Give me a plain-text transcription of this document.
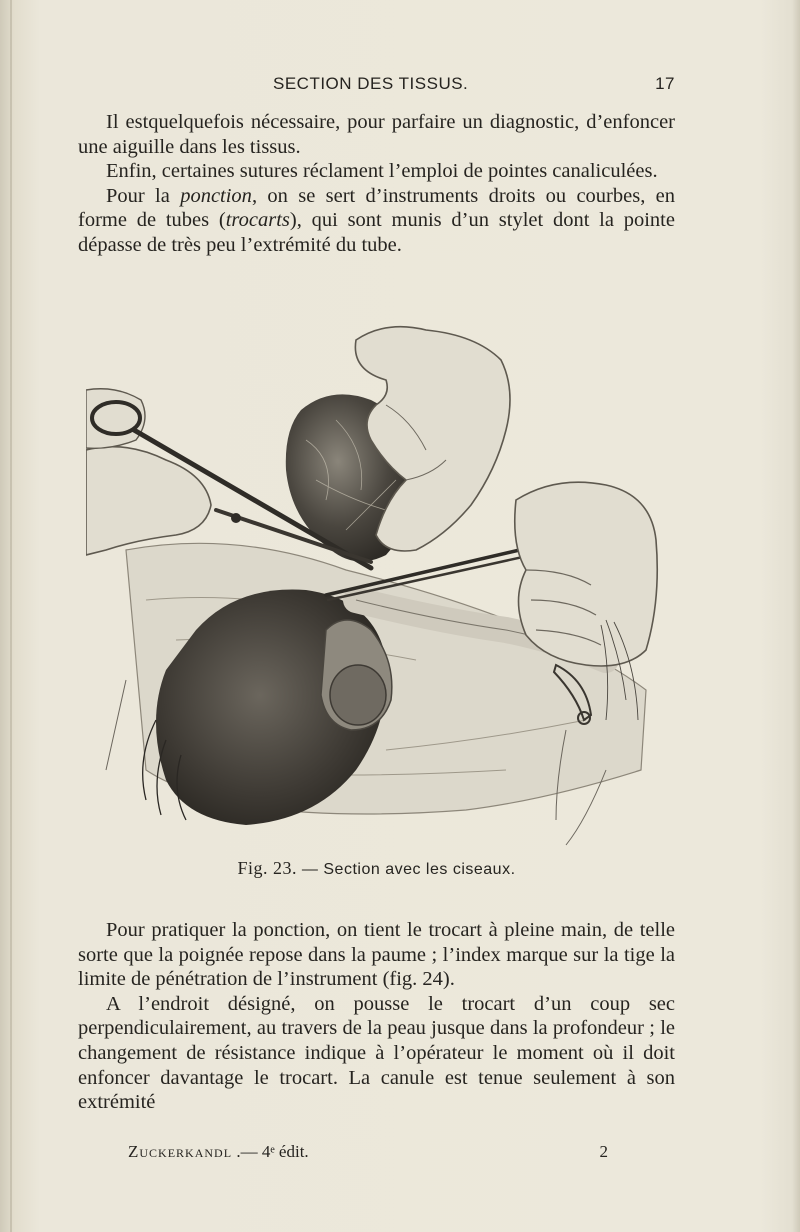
SECTION DES TISSUS.	17

Il estquelquefois nécessaire, pour parfaire un diagnostic, d’enfoncer une aiguille dans les tissus.

Enfin, certaines sutures réclament l’emploi de pointes canaliculées.

Pour la ponction, on se sert d’instruments droits ou courbes, en forme de tubes (trocarts), qui sont munis d’un stylet dont la pointe dépasse de très peu l’extrémité du tube.

Fig. 23. — Section avec les ciseaux.

Pour pratiquer la ponction, on tient le trocart à pleine main, de telle sorte que la poignée repose dans la paume ; l’index marque sur la tige la limite de pénétration de l’instrument (fig. 24).

A l’endroit désigné, on pousse le trocart d’un coup sec perpendiculairement, au travers de la peau jusque dans la profondeur ; le changement de résistance indique à l’opérateur le moment où il doit enfoncer davantage le trocart. La canule est tenue seulement à son extrémité

Zuckerkandl .— 4ᵉ édit.	2
